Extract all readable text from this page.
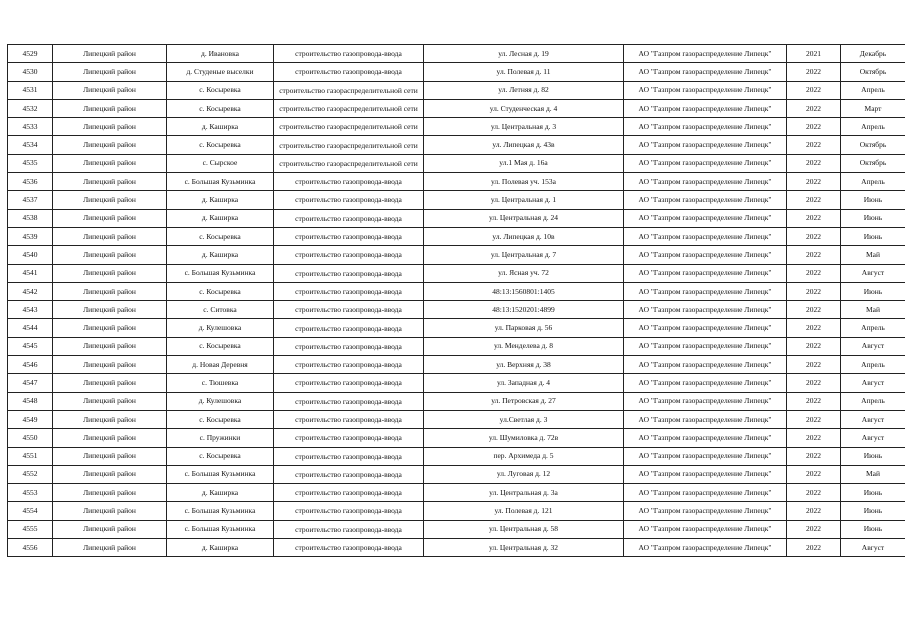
4529	Липецкий район	д. Ивановка	строительство газопровода-ввода	ул. Лесная д. 19	АО "Газпром газораспределение Липецк"	2021	Декабрь
4530	Липецкий район	д. Студеные выселки	строительство газопровода-ввода	ул. Полевая д. 11	АО "Газпром газораспределение Липецк"	2022	Октябрь
4531	Липецкий район	с. Косыревка	строительство газораспределительной сети	ул. Летняя д. 82	АО "Газпром газораспределение Липецк"	2022	Апрель
4532	Липецкий район	с. Косыревка	строительство газораспределительной сети	ул. Студенческая д. 4	АО "Газпром газораспределение Липецк"	2022	Март
4533	Липецкий район	д. Каширка	строительство газораспределительной сети	ул. Центральная д. 3	АО "Газпром газораспределение Липецк"	2022	Апрель
4534	Липецкий район	с. Косыревка	строительство газораспределительной сети	ул. Липецкая д. 43в	АО "Газпром газораспределение Липецк"	2022	Октябрь
4535	Липецкий район	с. Сырское	строительство газораспределительной сети	ул.1 Мая д. 16а	АО "Газпром газораспределение Липецк"	2022	Октябрь
4536	Липецкий район	с. Большая Кузьминка	строительство газопровода-ввода	ул. Полевая уч. 153а	АО "Газпром газораспределение Липецк"	2022	Апрель
4537	Липецкий район	д. Каширка	строительство газопровода-ввода	ул. Центральная д. 1	АО "Газпром газораспределение Липецк"	2022	Июнь
4538	Липецкий район	д. Каширка	строительство газопровода-ввода	ул. Центральная д. 24	АО "Газпром газораспределение Липецк"	2022	Июнь
4539	Липецкий район	с. Косыревка	строительство газопровода-ввода	ул. Липецкая д. 10в	АО "Газпром газораспределение Липецк"	2022	Июнь
4540	Липецкий район	д. Каширка	строительство газопровода-ввода	ул. Центральная д. 7	АО "Газпром газораспределение Липецк"	2022	Май
4541	Липецкий район	с. Большая Кузьминка	строительство газопровода-ввода	ул. Ясная уч. 72	АО "Газпром газораспределение Липецк"	2022	Август
4542	Липецкий район	с. Косыревка	строительство газопровода-ввода	48:13:1560801:1405	АО "Газпром газораспределение Липецк"	2022	Июнь
4543	Липецкий район	с. Ситовка	строительство газопровода-ввода	48:13:1520201:4899	АО "Газпром газораспределение Липецк"	2022	Май
4544	Липецкий район	д. Кулешовка	строительство газопровода-ввода	ул. Парковая д. 56	АО "Газпром газораспределение Липецк"	2022	Апрель
4545	Липецкий район	с. Косыревка	строительство газопровода-ввода	ул. Менделева д. 8	АО "Газпром газораспределение Липецк"	2022	Август
4546	Липецкий район	д. Новая Деревня	строительство газопровода-ввода	ул. Верхняя д. 38	АО "Газпром газораспределение Липецк"	2022	Апрель
4547	Липецкий район	с. Тюшевка	строительство газопровода-ввода	ул. Западная д. 4	АО "Газпром газораспределение Липецк"	2022	Август
4548	Липецкий район	д. Кулешовка	строительство газопровода-ввода	ул. Петровская д. 27	АО "Газпром газораспределение Липецк"	2022	Апрель
4549	Липецкий район	с. Косыревка	строительство газопровода-ввода	ул.Светлая д. 3	АО "Газпром газораспределение Липецк"	2022	Август
4550	Липецкий район	с. Пружинки	строительство газопровода-ввода	ул. Шумиловка д. 72в	АО "Газпром газораспределение Липецк"	2022	Август
4551	Липецкий район	с. Косыревка	строительство газопровода-ввода	пер. Архимеда д. 5	АО "Газпром газораспределение Липецк"	2022	Июнь
4552	Липецкий район	с. Большая Кузьминка	строительство газопровода-ввода	ул. Луговая д. 12	АО "Газпром газораспределение Липецк"	2022	Май
4553	Липецкий район	д. Каширка	строительство газопровода-ввода	ул. Центральная д. 3а	АО "Газпром газораспределение Липецк"	2022	Июнь
4554	Липецкий район	с. Большая Кузьминка	строительство газопровода-ввода	ул. Полевая д. 121	АО "Газпром газораспределение Липецк"	2022	Июнь
4555	Липецкий район	с. Большая Кузьминка	строительство газопровода-ввода	ул. Центральная д. 58	АО "Газпром газораспределение Липецк"	2022	Июнь
4556	Липецкий район	д. Каширка	строительство газопровода-ввода	ул. Центральная д. 32	АО "Газпром газораспределение Липецк"	2022	Август
